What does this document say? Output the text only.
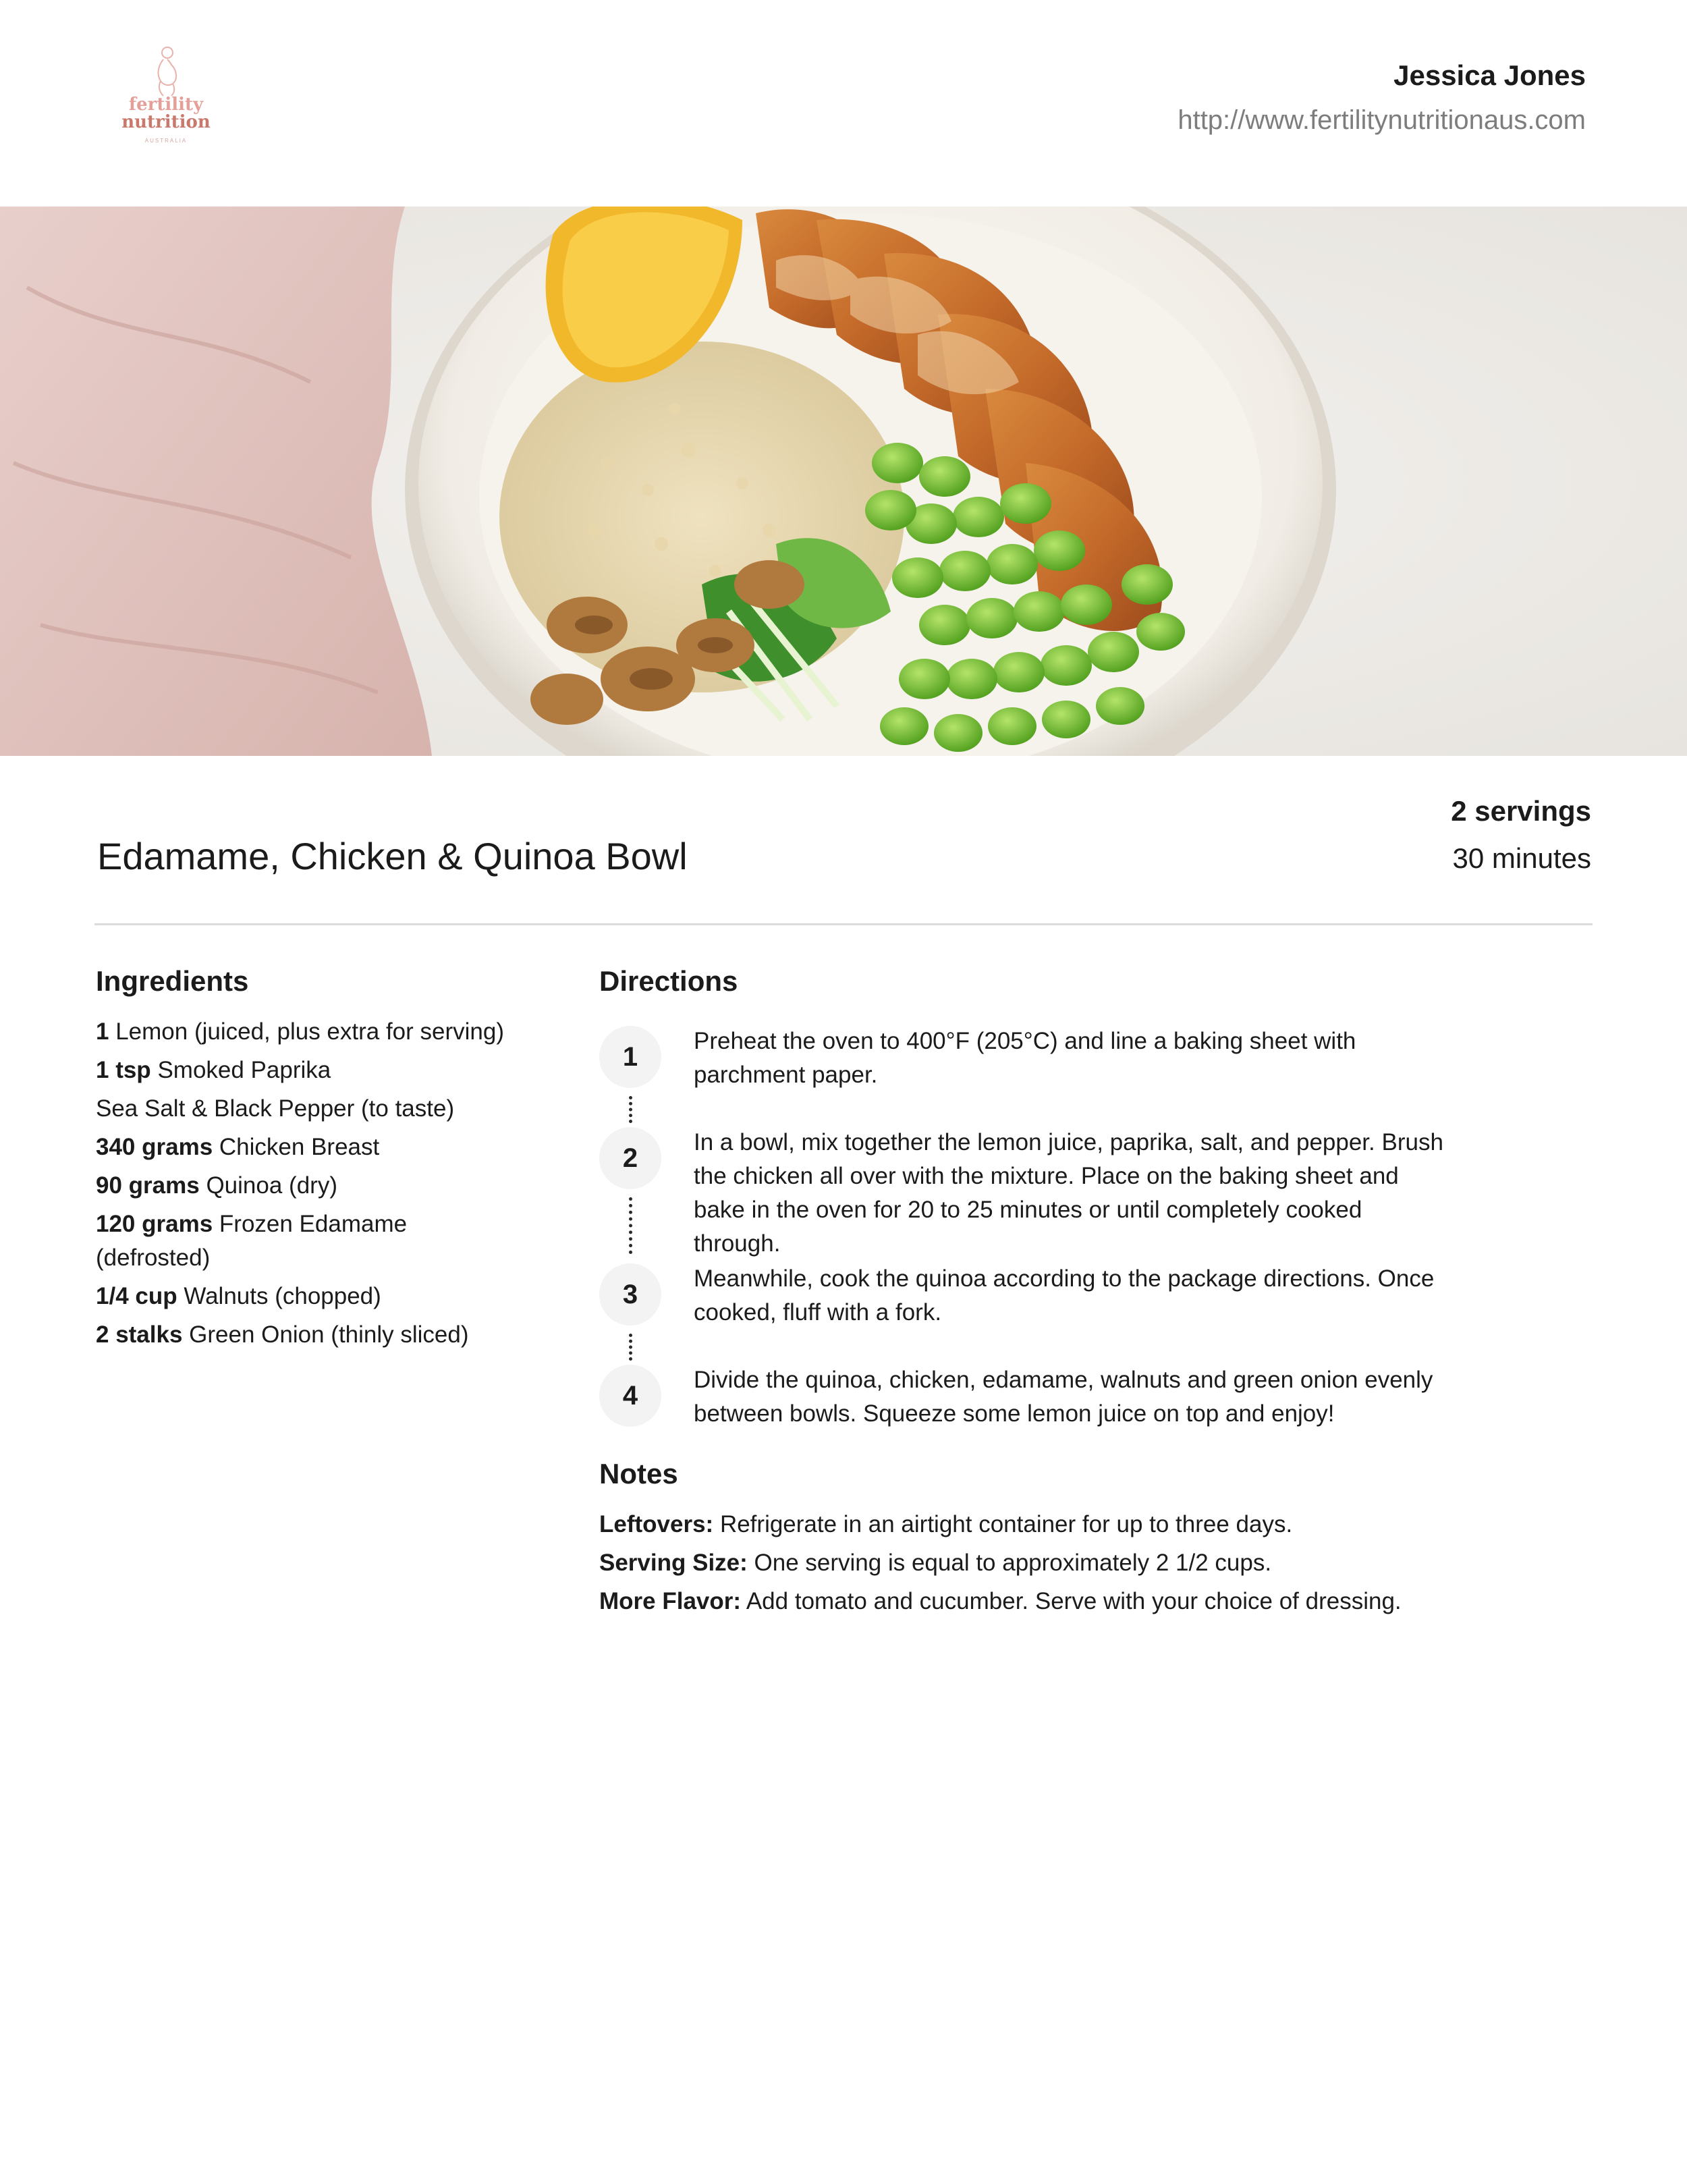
fertility
nutrition
AUSTRALIA
Jessica Jones
http://www.fertilitynutritionaus.com
Edamame, Chicken & Quinoa Bowl
2 servings
30 minutes
Ingredients
1 Lemon (juiced, plus extra for serving)
1 tsp Smoked Paprika
Sea Salt & Black Pepper (to taste)
340 grams Chicken Breast
90 grams Quinoa (dry)
120 grams Frozen Edamame (defrosted)
1/4 cup Walnuts (chopped)
2 stalks Green Onion (thinly sliced)
Directions
1
Preheat the oven to 400°F (205°C) and line a baking sheet with parchment paper.
2
In a bowl, mix together the lemon juice, paprika, salt, and pepper. Brush the chicken all over with the mixture. Place on the baking sheet and bake in the oven for 20 to 25 minutes or until completely cooked through.
3
Meanwhile, cook the quinoa according to the package directions. Once cooked, fluff with a fork.
4
Divide the quinoa, chicken, edamame, walnuts and green onion evenly between bowls. Squeeze some lemon juice on top and enjoy!
Notes
Leftovers: Refrigerate in an airtight container for up to three days.
Serving Size: One serving is equal to approximately 2 1/2 cups.
More Flavor: Add tomato and cucumber. Serve with your choice of dressing.
